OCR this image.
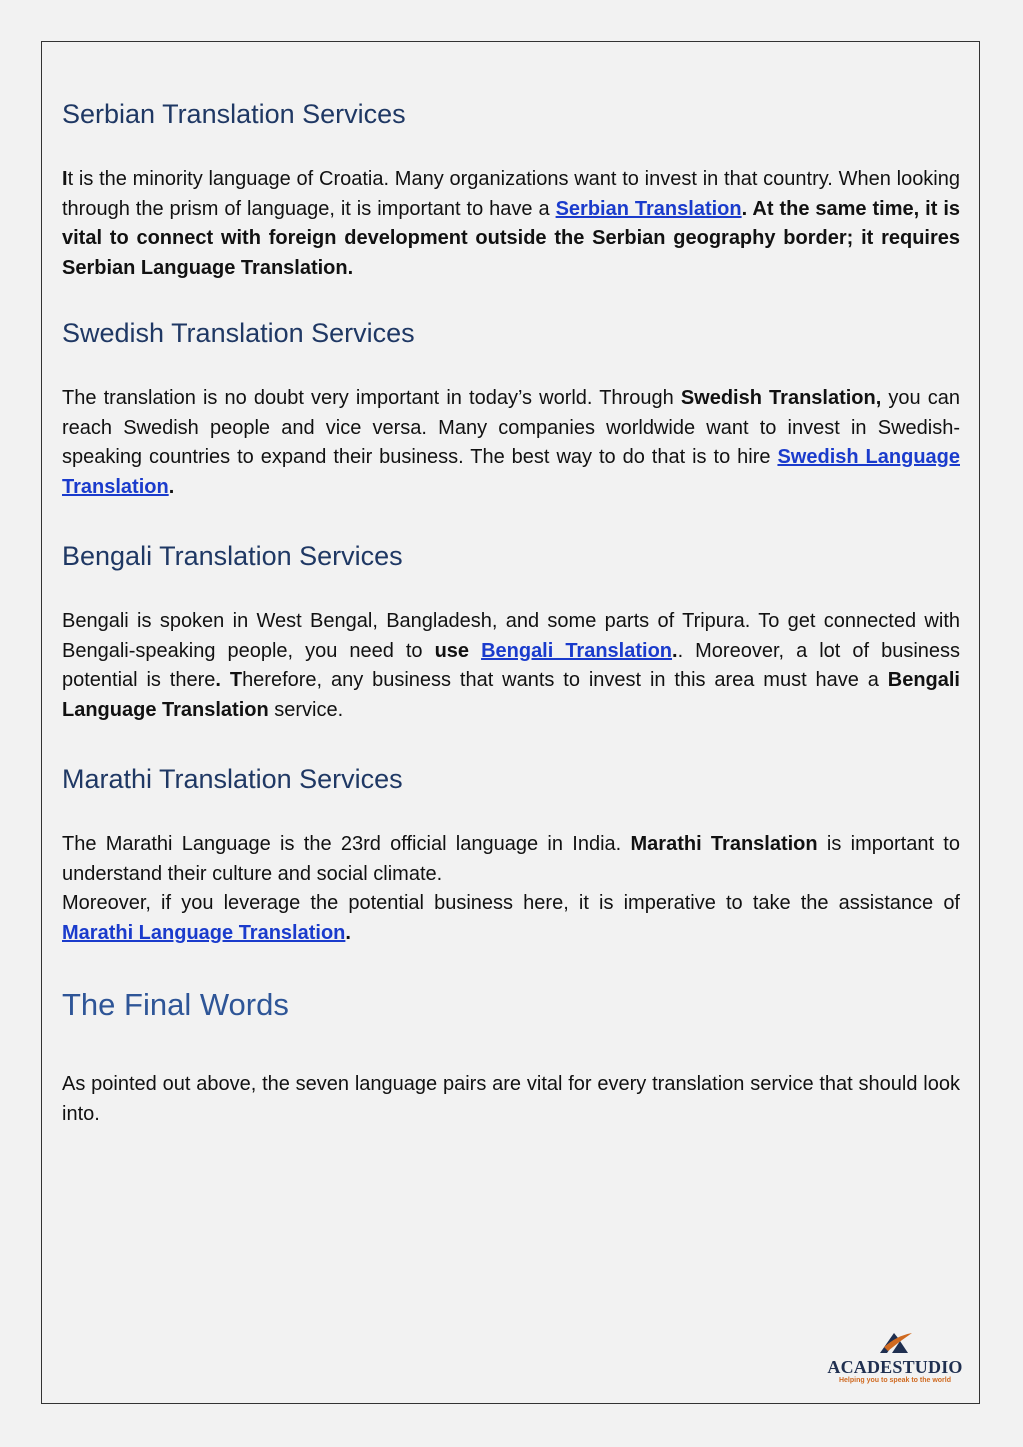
Serbian Translation Services

It is the minority language of Croatia. Many organizations want to invest in that country. When looking through the prism of language, it is important to have a Serbian Translation. At the same time, it is vital to connect with foreign development outside the Serbian geography border; it requires Serbian Language Translation.

Swedish Translation Services

The translation is no doubt very important in today’s world. Through Swedish Translation, you can reach Swedish people and vice versa. Many companies worldwide want to invest in Swedish-speaking countries to expand their business. The best way to do that is to hire Swedish Language Translation.

Bengali Translation Services

Bengali is spoken in West Bengal, Bangladesh, and some parts of Tripura. To get connected with Bengali-speaking people, you need to use Bengali Translation.. Moreover, a lot of business potential is there. Therefore, any business that wants to invest in this area must have a Bengali Language Translation service.

Marathi Translation Services

The Marathi Language is the 23rd official language in India. Marathi Translation is important to understand their culture and social climate.

Moreover, if you leverage the potential business here, it is imperative to take the assistance of Marathi Language Translation.

The Final Words

As pointed out above, the seven language pairs are vital for every translation service that should look into.

ACADESTUDIO
Helping you to speak to the world
